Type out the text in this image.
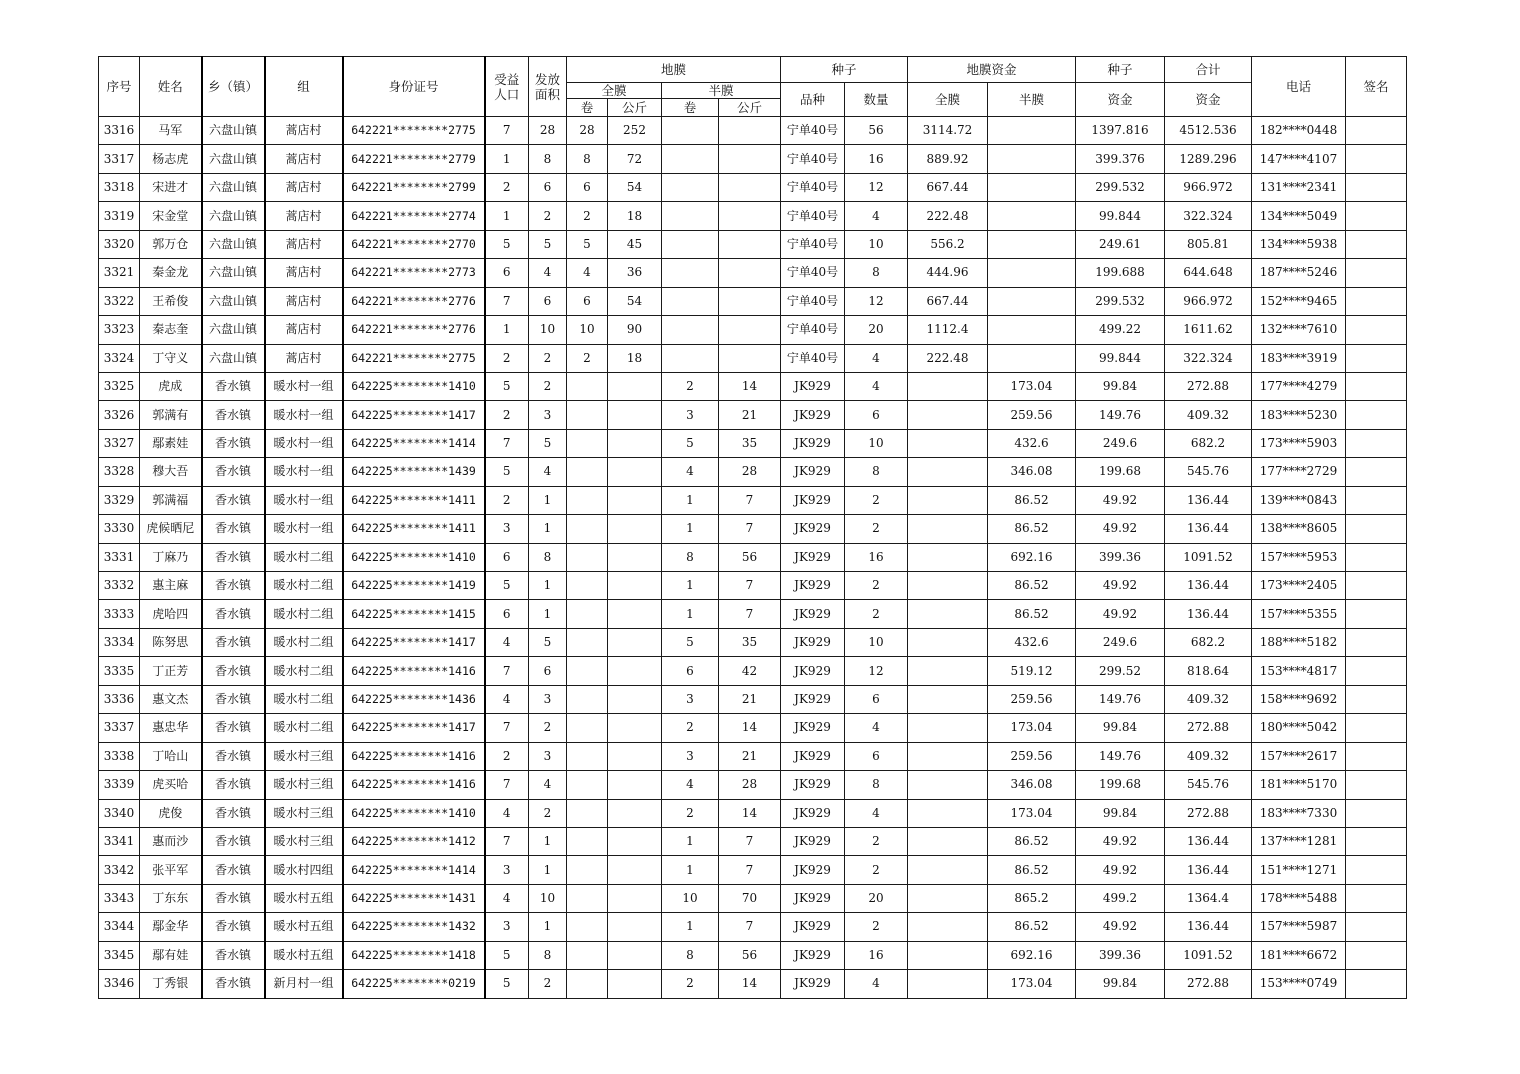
序号	姓名	乡（镇）	组	身份证号	受益
人口	发放
面积	地膜				种子		地膜资金		种子	合计	电话	签名
							全膜		半膜		品种	数量	全膜	半膜	资金	资金		
							卷	公斤	卷	公斤								
3316	马军	六盘山镇	蒿店村	642221********2775	7	28	28	252			宁单40号	56	3114.72		1397.816	4512.536	182****0448	
3317	杨志虎	六盘山镇	蒿店村	642221********2779	1	8	8	72			宁单40号	16	889.92		399.376	1289.296	147****4107	
3318	宋进才	六盘山镇	蒿店村	642221********2799	2	6	6	54			宁单40号	12	667.44		299.532	966.972	131****2341	
3319	宋金堂	六盘山镇	蒿店村	642221********2774	1	2	2	18			宁单40号	4	222.48		99.844	322.324	134****5049	
3320	郭万仓	六盘山镇	蒿店村	642221********2770	5	5	5	45			宁单40号	10	556.2		249.61	805.81	134****5938	
3321	秦金龙	六盘山镇	蒿店村	642221********2773	6	4	4	36			宁单40号	8	444.96		199.688	644.648	187****5246	
3322	王希俊	六盘山镇	蒿店村	642221********2776	7	6	6	54			宁单40号	12	667.44		299.532	966.972	152****9465	
3323	秦志奎	六盘山镇	蒿店村	642221********2776	1	10	10	90			宁单40号	20	1112.4		499.22	1611.62	132****7610	
3324	丁守义	六盘山镇	蒿店村	642221********2775	2	2	2	18			宁单40号	4	222.48		99.844	322.324	183****3919	
3325	虎成	香水镇	暖水村一组	642225********1410	5	2			2	14	JK929	4		173.04	99.84	272.88	177****4279	
3326	郭满有	香水镇	暖水村一组	642225********1417	2	3			3	21	JK929	6		259.56	149.76	409.32	183****5230	
3327	鄢素娃	香水镇	暖水村一组	642225********1414	7	5			5	35	JK929	10		432.6	249.6	682.2	173****5903	
3328	穆大吾	香水镇	暖水村一组	642225********1439	5	4			4	28	JK929	8		346.08	199.68	545.76	177****2729	
3329	郭满福	香水镇	暖水村一组	642225********1411	2	1			1	7	JK929	2		86.52	49.92	136.44	139****0843	
3330	虎候晒尼	香水镇	暖水村一组	642225********1411	3	1			1	7	JK929	2		86.52	49.92	136.44	138****8605	
3331	丁麻乃	香水镇	暖水村二组	642225********1410	6	8			8	56	JK929	16		692.16	399.36	1091.52	157****5953	
3332	惠主麻	香水镇	暖水村二组	642225********1419	5	1			1	7	JK929	2		86.52	49.92	136.44	173****2405	
3333	虎哈四	香水镇	暖水村二组	642225********1415	6	1			1	7	JK929	2		86.52	49.92	136.44	157****5355	
3334	陈努思	香水镇	暖水村二组	642225********1417	4	5			5	35	JK929	10		432.6	249.6	682.2	188****5182	
3335	丁正芳	香水镇	暖水村二组	642225********1416	7	6			6	42	JK929	12		519.12	299.52	818.64	153****4817	
3336	惠文杰	香水镇	暖水村二组	642225********1436	4	3			3	21	JK929	6		259.56	149.76	409.32	158****9692	
3337	惠忠华	香水镇	暖水村二组	642225********1417	7	2			2	14	JK929	4		173.04	99.84	272.88	180****5042	
3338	丁哈山	香水镇	暖水村三组	642225********1416	2	3			3	21	JK929	6		259.56	149.76	409.32	157****2617	
3339	虎买哈	香水镇	暖水村三组	642225********1416	7	4			4	28	JK929	8		346.08	199.68	545.76	181****5170	
3340	虎俊	香水镇	暖水村三组	642225********1410	4	2			2	14	JK929	4		173.04	99.84	272.88	183****7330	
3341	惠而沙	香水镇	暖水村三组	642225********1412	7	1			1	7	JK929	2		86.52	49.92	136.44	137****1281	
3342	张平军	香水镇	暖水村四组	642225********1414	3	1			1	7	JK929	2		86.52	49.92	136.44	151****1271	
3343	丁东东	香水镇	暖水村五组	642225********1431	4	10			10	70	JK929	20		865.2	499.2	1364.4	178****5488	
3344	鄢金华	香水镇	暖水村五组	642225********1432	3	1			1	7	JK929	2		86.52	49.92	136.44	157****5987	
3345	鄢有娃	香水镇	暖水村五组	642225********1418	5	8			8	56	JK929	16		692.16	399.36	1091.52	181****6672	
3346	丁秀银	香水镇	新月村一组	642225********0219	5	2			2	14	JK929	4		173.04	99.84	272.88	153****0749	
